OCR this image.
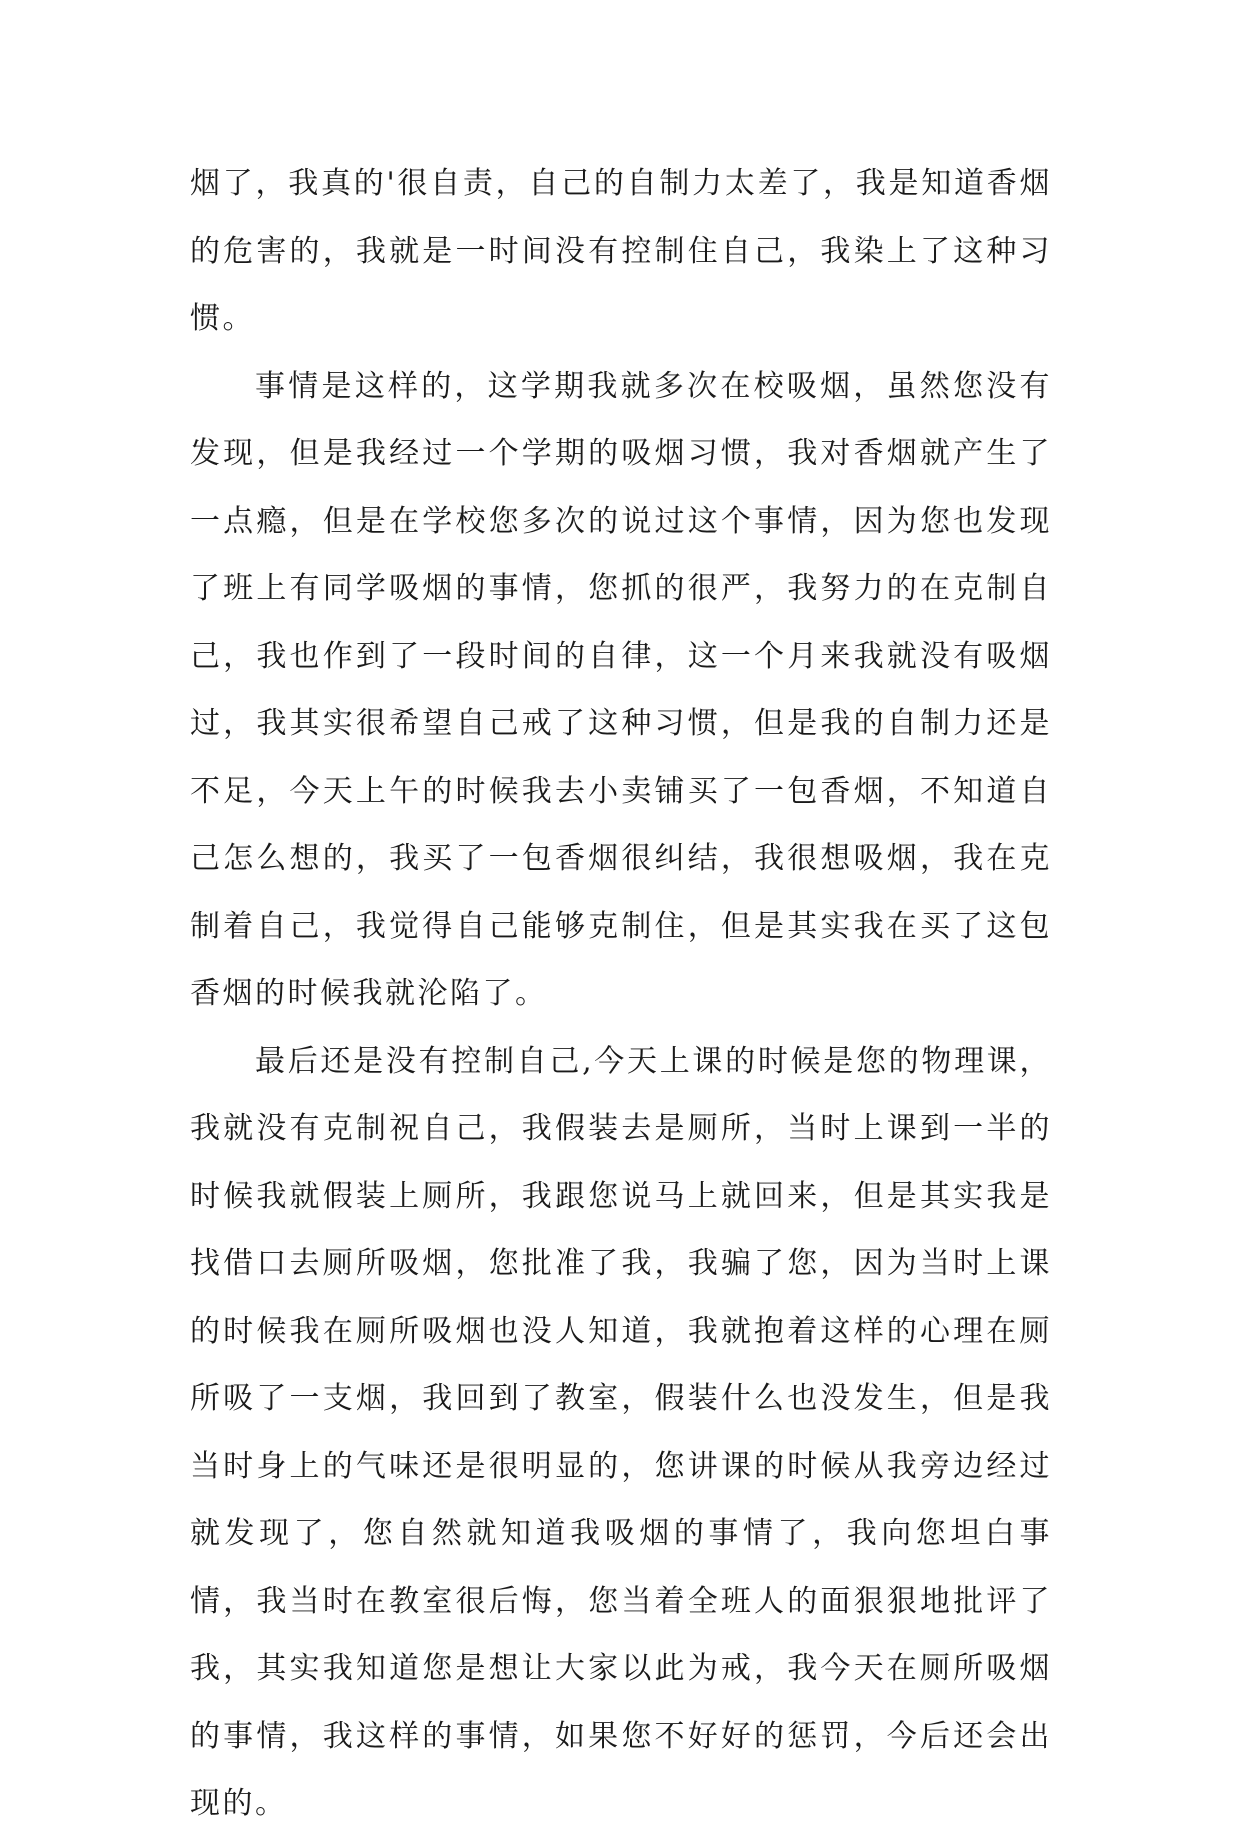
烟了，我真的'很自责，自己的自制力太差了，我是知道香烟的危害的，我就是一时间没有控制住自己，我染上了这种习惯。

事情是这样的，这学期我就多次在校吸烟，虽然您没有发现，但是我经过一个学期的吸烟习惯，我对香烟就产生了一点瘾，但是在学校您多次的说过这个事情，因为您也发现了班上有同学吸烟的事情，您抓的很严，我努力的在克制自己，我也作到了一段时间的自律，这一个月来我就没有吸烟过，我其实很希望自己戒了这种习惯，但是我的自制力还是不足，今天上午的时候我去小卖铺买了一包香烟，不知道自己怎么想的，我买了一包香烟很纠结，我很想吸烟，我在克制着自己，我觉得自己能够克制住，但是其实我在买了这包香烟的时候我就沦陷了。

最后还是没有控制自己,今天上课的时候是您的物理课，我就没有克制祝自己，我假装去是厕所，当时上课到一半的时候我就假装上厕所，我跟您说马上就回来，但是其实我是找借口去厕所吸烟，您批准了我，我骗了您，因为当时上课的时候我在厕所吸烟也没人知道，我就抱着这样的心理在厕所吸了一支烟，我回到了教室，假装什么也没发生，但是我当时身上的气味还是很明显的，您讲课的时候从我旁边经过就发现了，您自然就知道我吸烟的事情了，我向您坦白事情，我当时在教室很后悔，您当着全班人的面狠狠地批评了我，其实我知道您是想让大家以此为戒，我今天在厕所吸烟的事情，我这样的事情，如果您不好好的惩罚，今后还会出现的。
